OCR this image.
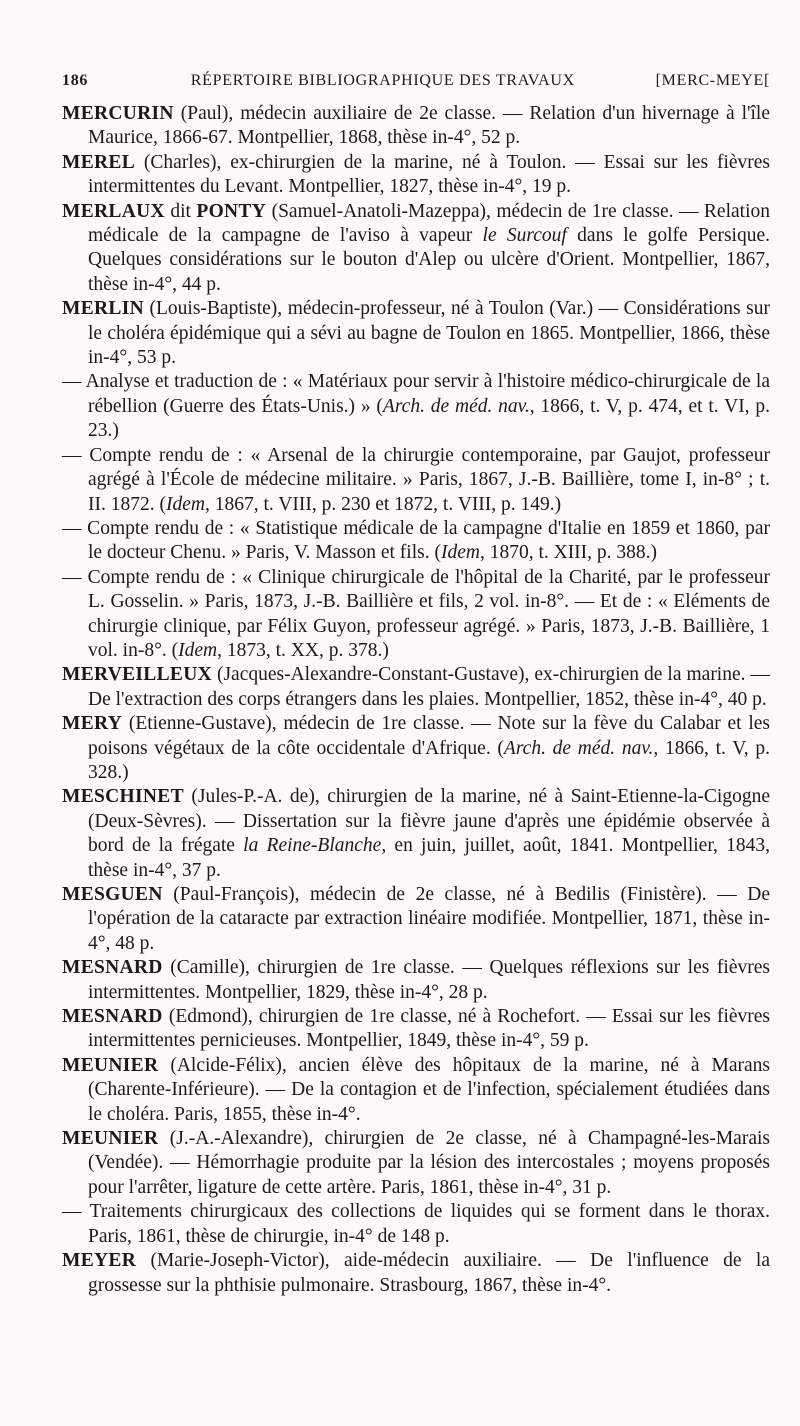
186	RÉPERTOIRE BIBLIOGRAPHIQUE DES TRAVAUX	[MERC-MEYE[

MERCURIN (Paul), médecin auxiliaire de 2e classe. — Relation d'un hivernage à l'île Maurice, 1866-67. Montpellier, 1868, thèse in-4°, 52 p.

MEREL (Charles), ex-chirurgien de la marine, né à Toulon. — Essai sur les fièvres intermittentes du Levant. Montpellier, 1827, thèse in-4°, 19 p.

MERLAUX dit PONTY (Samuel-Anatoli-Mazeppa), médecin de 1re classe. — Relation médicale de la campagne de l'aviso à vapeur le Surcouf dans le golfe Persique. Quelques considérations sur le bouton d'Alep ou ulcère d'Orient. Montpellier, 1867, thèse in-4°, 44 p.

MERLIN (Louis-Baptiste), médecin-professeur, né à Toulon (Var.) — Considérations sur le choléra épidémique qui a sévi au bagne de Toulon en 1865. Montpellier, 1866, thèse in-4°, 53 p.

— Analyse et traduction de : « Matériaux pour servir à l'histoire médico-chirurgicale de la rébellion (Guerre des États-Unis.) » (Arch. de méd. nav., 1866, t. V, p. 474, et t. VI, p. 23.)

— Compte rendu de : « Arsenal de la chirurgie contemporaine, par Gaujot, professeur agrégé à l'École de médecine militaire. » Paris, 1867, J.-B. Baillière, tome I, in-8° ; t. II. 1872. (Idem, 1867, t. VIII, p. 230 et 1872, t. VIII, p. 149.)

— Compte rendu de : « Statistique médicale de la campagne d'Italie en 1859 et 1860, par le docteur Chenu. » Paris, V. Masson et fils. (Idem, 1870, t. XIII, p. 388.)

— Compte rendu de : « Clinique chirurgicale de l'hôpital de la Charité, par le professeur L. Gosselin. » Paris, 1873, J.-B. Baillière et fils, 2 vol. in-8°. — Et de : « Eléments de chirurgie clinique, par Félix Guyon, professeur agrégé. » Paris, 1873, J.-B. Baillière, 1 vol. in-8°. (Idem, 1873, t. XX, p. 378.)

MERVEILLEUX (Jacques-Alexandre-Constant-Gustave), ex-chirurgien de la marine. — De l'extraction des corps étrangers dans les plaies. Montpellier, 1852, thèse in-4°, 40 p.

MERY (Etienne-Gustave), médecin de 1re classe. — Note sur la fève du Calabar et les poisons végétaux de la côte occidentale d'Afrique. (Arch. de méd. nav., 1866, t. V, p. 328.)

MESCHINET (Jules-P.-A. de), chirurgien de la marine, né à Saint-Etienne-la-Cigogne (Deux-Sèvres). — Dissertation sur la fièvre jaune d'après une épidémie observée à bord de la frégate la Reine-Blanche, en juin, juillet, août, 1841. Montpellier, 1843, thèse in-4°, 37 p.

MESGUEN (Paul-François), médecin de 2e classe, né à Bedilis (Finistère). — De l'opération de la cataracte par extraction linéaire modifiée. Montpellier, 1871, thèse in-4°, 48 p.

MESNARD (Camille), chirurgien de 1re classe. — Quelques réflexions sur les fièvres intermittentes. Montpellier, 1829, thèse in-4°, 28 p.

MESNARD (Edmond), chirurgien de 1re classe, né à Rochefort. — Essai sur les fièvres intermittentes pernicieuses. Montpellier, 1849, thèse in-4°, 59 p.

MEUNIER (Alcide-Félix), ancien élève des hôpitaux de la marine, né à Marans (Charente-Inférieure). — De la contagion et de l'infection, spécialement étudiées dans le choléra. Paris, 1855, thèse in-4°.

MEUNIER (J.-A.-Alexandre), chirurgien de 2e classe, né à Champagné-les-Marais (Vendée). — Hémorrhagie produite par la lésion des intercostales ; moyens proposés pour l'arrêter, ligature de cette artère. Paris, 1861, thèse in-4°, 31 p.

— Traitements chirurgicaux des collections de liquides qui se forment dans le thorax. Paris, 1861, thèse de chirurgie, in-4° de 148 p.

MEYER (Marie-Joseph-Victor), aide-médecin auxiliaire. — De l'influence de la grossesse sur la phthisie pulmonaire. Strasbourg, 1867, thèse in-4°.
